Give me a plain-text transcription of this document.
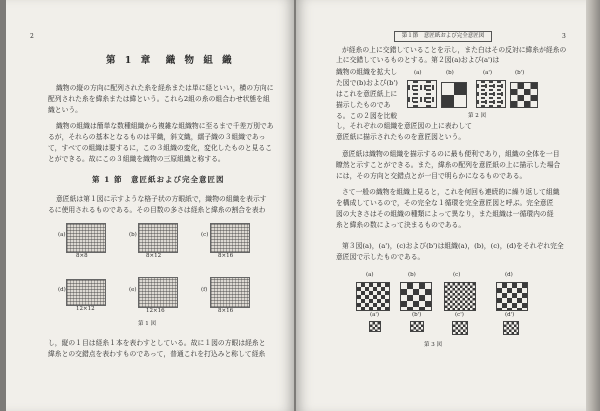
2
第 1 章　織 物 組 織
織物の縦の方向に配列された糸を経糸または単に経といい，横の方向に
配列された糸を緯糸または緯という。これら2組の糸の組合わせ状態を組
織という。
織物の組織は簡単な数種組織から複雑な組織物に至るまで千差万別であ
るが，それらの基本となるものは平織，斜文織，繻子織の３組織であっ
て，すべての組織は要するに，この３組織の変化，変化したものと見るこ
とができる。故にこの３組織を織物の三原組織と称する。
第 1 節　意匠紙および完全意匠図
意匠紙は第１図に示すような格子状の方眼紙で，織物の組織を表示す
るに使用されるものである。その目数の多さは経糸と緯糸の割合を表わ
(a)
8×8
(b)
8×12
(c)
8×16
(d)
12×12
(e)
12×16
(f)
8×16
第 1 図
し，縦の１目は経糸１本を表わすとしている。故に１図の方眼は経糸と
緯糸との交錯点を表わすものであって，普通これを打込みと称して経糸
第１節　意匠紙および完全意匠図	3
が経糸の上に交錯していることを示し，また白はその反対に緯糸が経糸の
上に交錯しているものとする。第２図(a)および(a')は
織物の組織を拡大し
た図で(b)および(b')
はこれを意匠紙上に
描示したものであ
る。この２図を比較
(a)	(b)	(a')	(b')
第 2 図
し，それぞれの組織を意匠図の上に表わして
意匠紙に描示されたものを意匠図という。
意匠紙は織物の組織を描示するのに最も便利であり，組織の全体を一目
瞭然と示すことができる。また，緯糸の配列を意匠紙の上に描示した場合
には，その方向と交錯点とが一目で明らかになるものである。
さて一般の織物を組織上見ると，これを何回も連続的に繰り返して組織
を構成しているので，その完全な１循環を完全意匠図と呼ぶ。完全意匠
図の大きさはその組織の種類によって異なり，また組織は一循環内の経
糸と緯糸の数によって決まるものである。
第３図(a)，(a')，(c)および(b')は組織(a)，(b)，(c)，(d)をそれぞれ完全
意匠図で示したものである。
(a)	(b)	(c)	(d)
(a')	(b')	(c')	(d')
第 3 図
